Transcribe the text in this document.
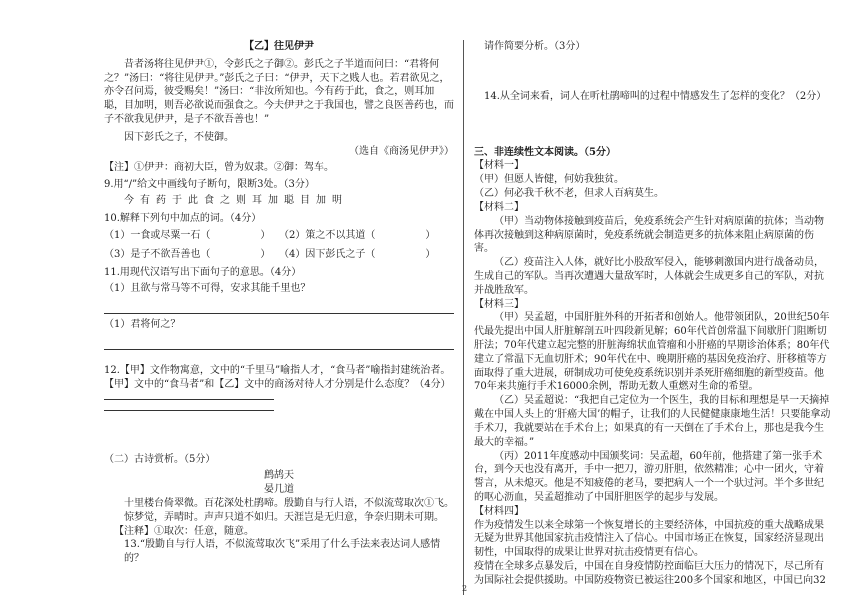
【乙】往见伊尹

昔者汤将往见伊尹①，令彭氏之子御②。彭氏之子半道而问曰：“君将何之？”汤曰：“将往见伊尹。”彭氏之子曰：“伊尹，天下之贱人也。若君欲见之，亦令召问焉，彼受赐矣！”汤曰：“非汝所知也。今有药于此，食之，则耳加聪，目加明，则吾必欲说而强食之。今夫伊尹之于我国也，譬之良医善药也，而子不欲我见伊尹，是子不欲吾善也！”

因下彭氏之子，不使御。

（选自《商汤见伊尹》）

【注】①伊尹：商初大臣，曾为奴隶。②御：驾车。

9.用“/”给文中画线句子断句，限断3处。（3分）

今有药于此食之则耳加聪目加明

10.解释下列句中加点的词。（4分）

（1）一食或尽粟一石（　　　　　） （2）策之不以其道（　　　　　）
（3）是子不欲吾善也（　　　　　） （4）因下彭氏之子（　　　　　）

11.用现代汉语写出下面句子的意思。（4分）

（1）且欲与常马等不可得，安求其能千里也？

（1）君将何之？

12.【甲】文作物寓意，文中的“千里马”喻指人才，“食马者”喻指封建统治者。【甲】文中的“食马者”和【乙】文中的商汤对待人才分别是什么态度？（4分）

（二）古诗赏析。（5分）

鹧鸪天

晏几道

十里楼台倚翠微。百花深处杜鹃啼。殷勤自与行人语，不似流莺取次①飞。

惊梦觉，弄晴时。声声只道不如归。天涯岂是无归意，争奈归期未可期。

【注释】①取次：任意，随意。

13.“殷勤自与行人语，不似流莺取次飞”采用了什么手法来表达词人感情的？

请作简要分析。（3分）

14.从全词来看，词人在听杜鹃啼叫的过程中情感发生了怎样的变化？（2分）

三、非连续性文本阅读。（5分）

【材料一】

（甲）但愿人皆健，何妨我独贫。

（乙）何必我千秋不老，但求人百病莫生。

【材料二】

（甲）当动物体接触到疫苗后，免疫系统会产生针对病原菌的抗体；当动物体再次接触到这种病原菌时，免疫系统就会制造更多的抗体来阻止病原菌的伤害。

（乙）疫苗注入人体，就好比小股敌军侵入，能够刺激国内进行战备动员，生成自己的军队。当再次遭遇大量敌军时，人体就会生成更多自己的军队，对抗并战胜敌军。

【材料三】

（甲）吴孟超，中国肝脏外科的开拓者和创始人。他带领团队，20世纪50年代最先提出中国人肝脏解剖五叶四段新见解；60年代首创常温下间歇肝门阻断切肝法；70年代建立起完整的肝脏海绵状血管瘤和小肝癌的早期诊治体系；80年代建立了常温下无血切肝术；90年代在中、晚期肝癌的基因免疫治疗、肝移植等方面取得了重大进展，研制成功可使免疫系统识别并杀死肝癌细胞的新型疫苗。他70年来共施行手术16000余例，帮助无数人重燃对生命的希望。

（乙）吴孟超说：“我把自己定位为一个医生，我的目标和理想是早一天摘掉戴在中国人头上的‘肝癌大国’的帽子，让我们的人民健健康康地生活！只要能拿动手术刀，我就要站在手术台上；如果真的有一天倒在了手术台上，那也是我今生最大的幸福。”

（丙）2011年度感动中国颁奖词：吴孟超，60年前，他搭建了第一张手术台，到今天也没有离开，手中一把刀，游刃肝胆，依然精准；心中一团火，守着誓言，从未熄灭。他是不知疲倦的老马，要把病人一个一个驮过河。半个多世纪的呕心沥血，吴孟超推动了中国肝胆医学的起步与发展。

【材料四】

作为疫情发生以来全球第一个恢复增长的主要经济体，中国抗疫的重大战略成果无疑为世界其他国家抗击疫情注入了信心。中国市场正在恢复，国家经济显现出韧性，中国取得的成果让世界对抗击疫情更有信心。

疫情在全球多点暴发后，中国在自身疫情防控面临巨大压力的情况下，尽己所有为国际社会提供援助。中国防疫物资已被运往200多个国家和地区，中国已向32

2
